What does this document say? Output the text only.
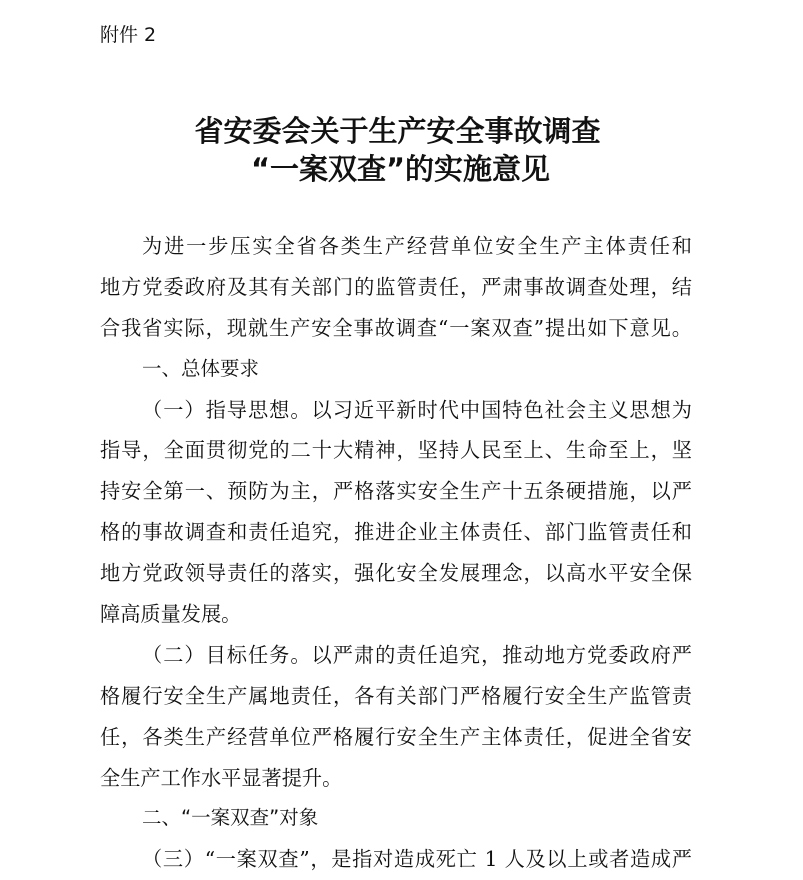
附件 2
省安委会关于生产安全事故调查
“一案双查”的实施意见
为进一步压实全省各类生产经营单位安全生产主体责任和
地方党委政府及其有关部门的监管责任，严肃事故调查处理，结
合我省实际，现就生产安全事故调查“一案双查”提出如下意见。
一、总体要求
（一）指导思想。以习近平新时代中国特色社会主义思想为
指导，全面贯彻党的二十大精神，坚持人民至上、生命至上，坚
持安全第一、预防为主，严格落实安全生产十五条硬措施，以严
格的事故调查和责任追究，推进企业主体责任、部门监管责任和
地方党政领导责任的落实，强化安全发展理念，以高水平安全保
障高质量发展。
（二）目标任务。以严肃的责任追究，推动地方党委政府严
格履行安全生产属地责任，各有关部门严格履行安全生产监管责
任，各类生产经营单位严格履行安全生产主体责任，促进全省安
全生产工作水平显著提升。
二、“一案双查”对象
（三）“一案双查”，是指对造成死亡 1 人及以上或者造成严
